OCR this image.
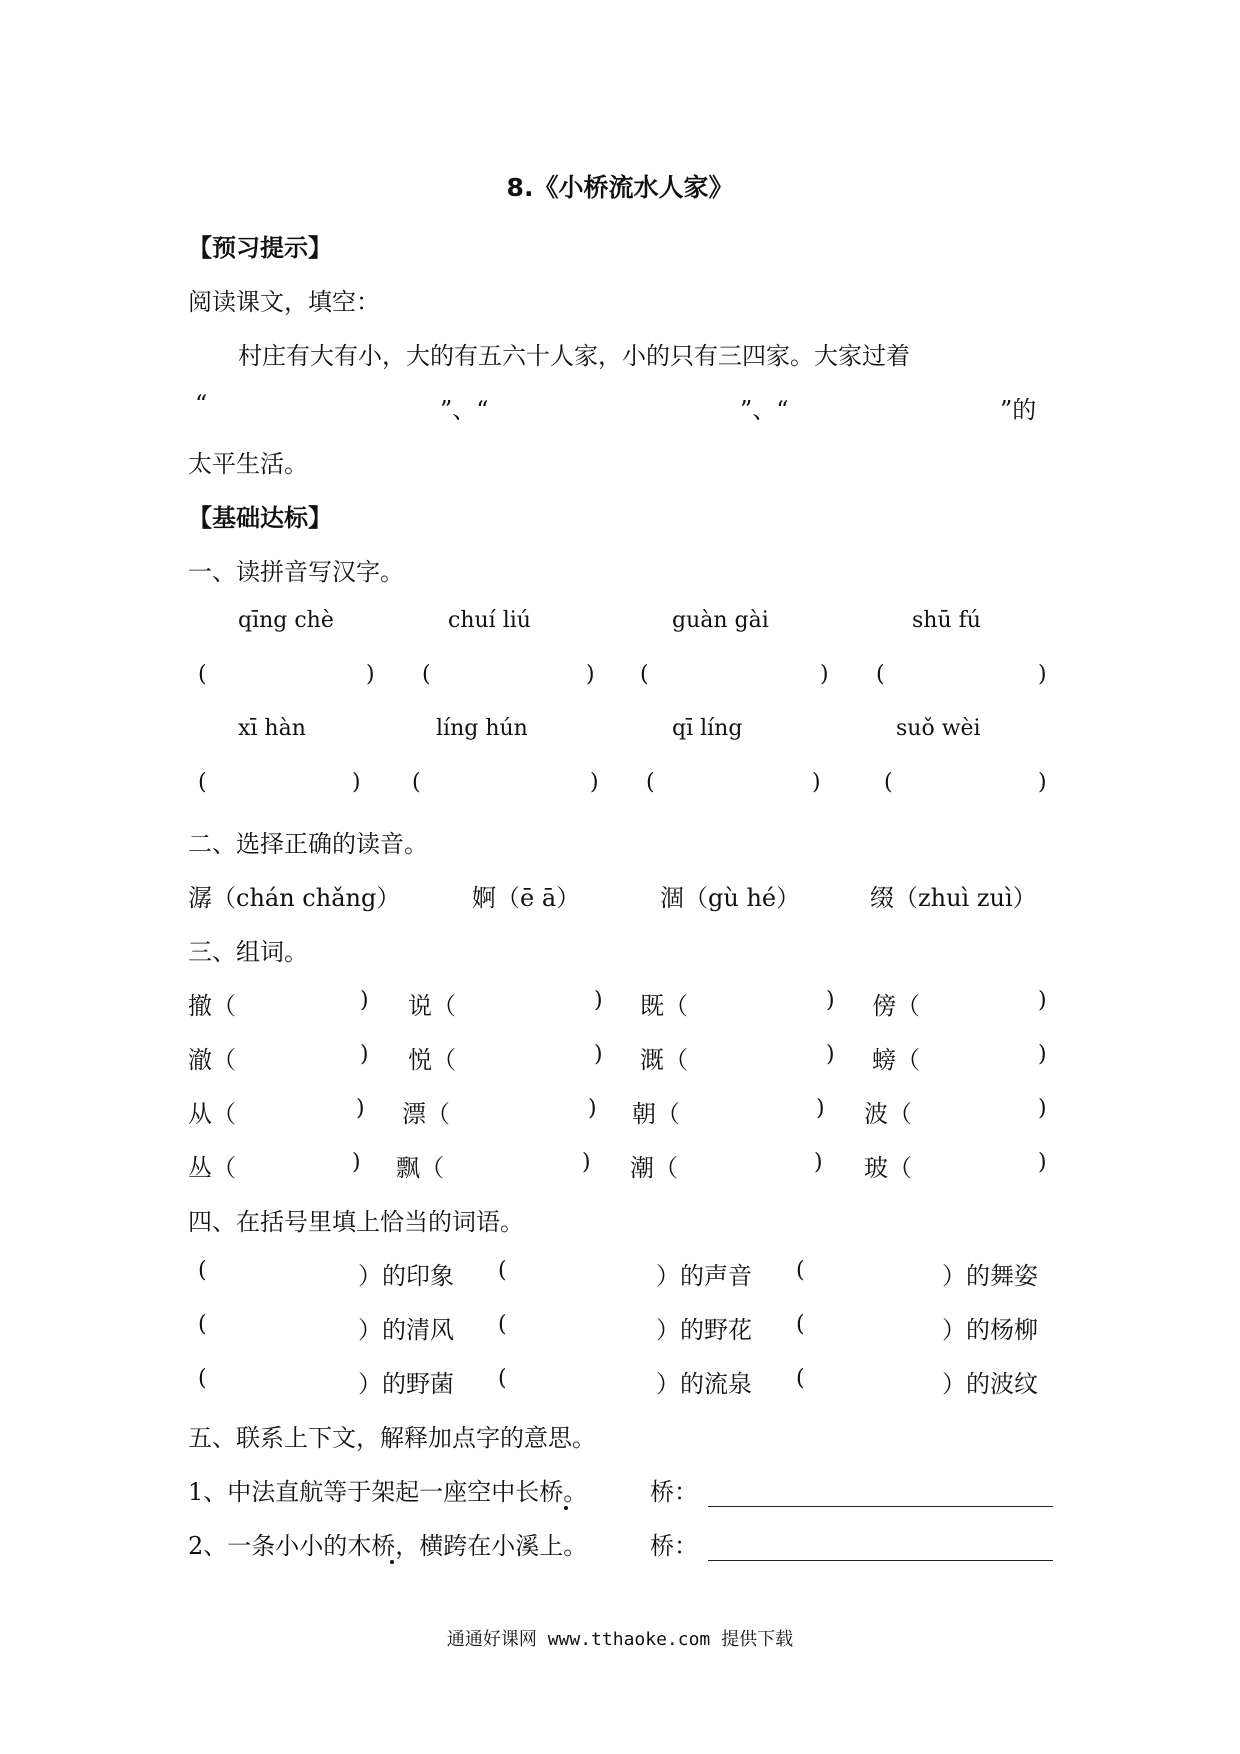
8.《小桥流水人家》
【预习提示】
阅读课文，填空：
村庄有大有小，大的有五六十人家，小的只有三四家。大家过着
“	”、“	”、“	”的
太平生活。
【基础达标】
一、读拼音写汉字。
qīng chè	chuí liú	guàn gài	shū fú
(	) (	) (	) (	)
xī hàn	líng hún	qī líng	suǒ wèi
(	) (	) (	)	(	)
二、选择正确的读音。
潺（chán chǎng）	婀（ē ā）	涸（gù hé）	缀（zhuì zuì）
三、组词。
撤（	) 说（	) 既（	) 傍（	)
澈（	) 悦（	) 溉（	) 螃（	)
从（	) 漂（	) 朝（	) 波（	)
丛（	) 飘（	) 潮（	) 玻（	)
四、在括号里填上恰当的词语。
(	）的印象 (	）的声音 (	）的舞姿
(	）的清风 (	）的野花 (	）的杨柳
(	）的野菌 (	）的流泉 (	）的波纹
五、联系上下文，解释加点字的意思。
1、中法直航等于架起一座空中长桥。	桥：
2、一条小小的木桥，横跨在小溪上。	桥：
通通好课网 www.tthaoke.com 提供下载
